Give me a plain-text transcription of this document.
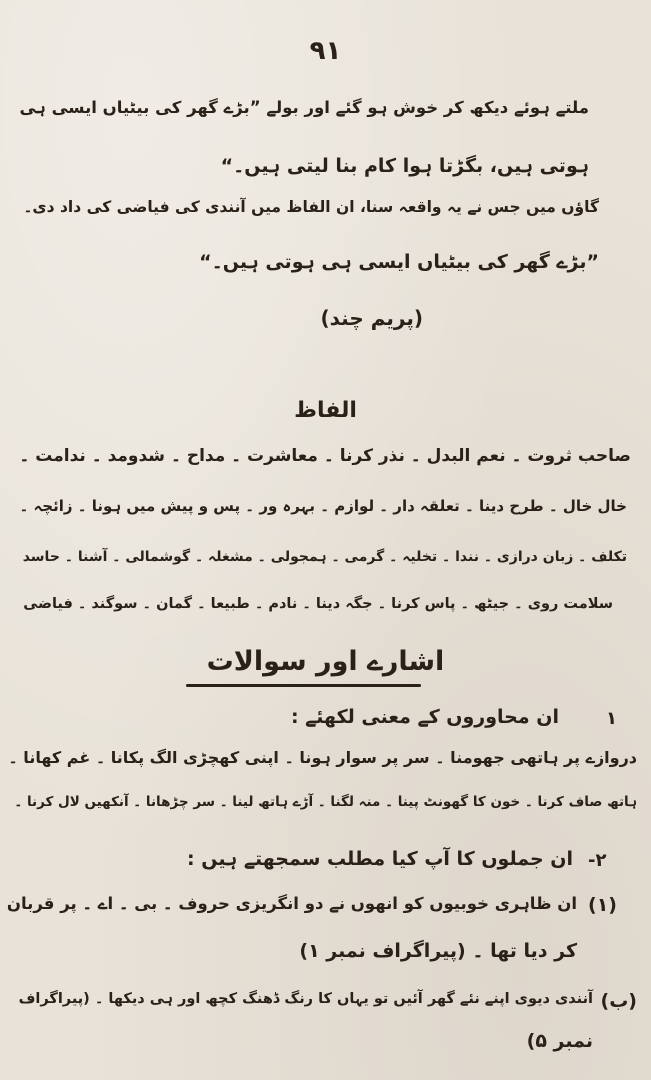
۹۱
ملتے ہوئے دیکھ کر خوش ہو گئے اور بولے ”بڑے گھر کی بیٹیاں ایسی ہی
ہوتی ہیں، بگڑتا ہوا کام بنا لیتی ہیں۔“
گاؤں میں جس نے یہ واقعہ سنا، ان الفاظ میں آنندی کی فیاضی کی داد دی۔
”بڑے گھر کی بیٹیاں ایسی ہی ہوتی ہیں۔“
(پریم چند)
الفاظ
صاحب ثروت ۔ نعم البدل ۔ نذر کرنا ۔ معاشرت ۔ مداح ۔ شدومد ۔ ندامت ۔
خال خال ۔ طرح دینا ۔ تعلقہ دار ۔ لوازم ۔ بہرہ ور ۔ پس و پیش میں ہونا ۔ زائچہ ۔
تکلف ۔ زبان درازی ۔ نندا ۔ تخلیہ ۔ گرمی ۔ ہمجولی ۔ مشغلہ ۔ گوشمالی ۔ آشنا ۔ حاسد
سلامت روی ۔ جیٹھ ۔ پاس کرنا ۔ جگہ دینا ۔ نادم ۔ طبیعا ۔ گمان ۔ سوگند ۔ فیاضی
اشارے اور سوالات
۱
ان محاوروں کے معنی لکھئے :
دروازے پر ہاتھی جھومنا ۔ سر پر سوار ہونا ۔ اپنی کھچڑی الگ پکانا ۔ غم کھانا ۔
ہاتھ صاف کرنا ۔ خون کا گھونٹ پینا ۔ منہ لگنا ۔ آڑے ہاتھ لینا ۔ سر چڑھانا ۔ آنکھیں لال کرنا ۔
-۲
ان جملوں کا آپ کیا مطلب سمجھتے ہیں :
(۱)
ان ظاہری خوبیوں کو انھوں نے دو انگریزی حروف ۔ بی ۔ اے ۔ پر قربان
کر دیا تھا ۔ (پیراگراف نمبر ۱)
(ب)
آنندی دیوی اپنے نئے گھر آئیں تو یہاں کا رنگ ڈھنگ کچھ اور ہی دیکھا ۔ (پیراگراف
نمبر ۵)
